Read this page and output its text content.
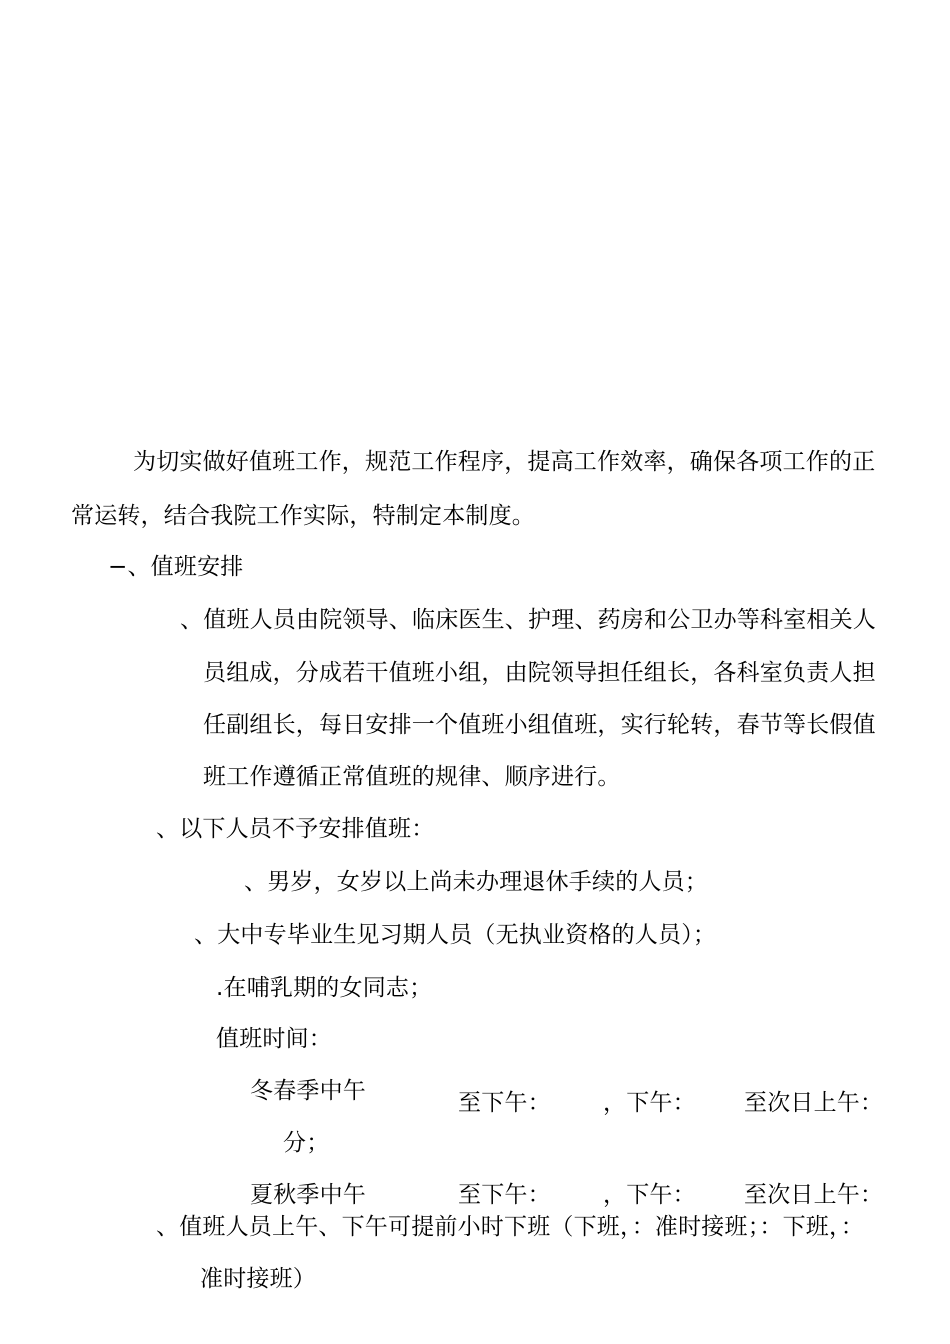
为切实做好值班工作，规范工作程序，提高工作效率，确保各项工作的正
常运转，结合我院工作实际，特制定本制度。
−、值班安排
、值班人员由院领导、临床医生、护理、药房和公卫办等科室相关人
员组成，分成若干值班小组，由院领导担任组长，各科室负责人担
任副组长，每日安排一个值班小组值班，实行轮转，春节等长假值
班工作遵循正常值班的规律、顺序进行。
、以下人员不予安排值班：
、男岁，女岁以上尚未办理退休手续的人员；
、大中专毕业生见习期人员（无执业资格的人员）；
.在哺乳期的女同志；
值班时间：
冬春季中午	至下午： ，下午： 至次日上午：
分；
夏秋季中午	至下午： ，下午： 至次日上午：
、值班人员上午、下午可提前小时下班（下班，：准时接班；：下班，：
准时接班）
